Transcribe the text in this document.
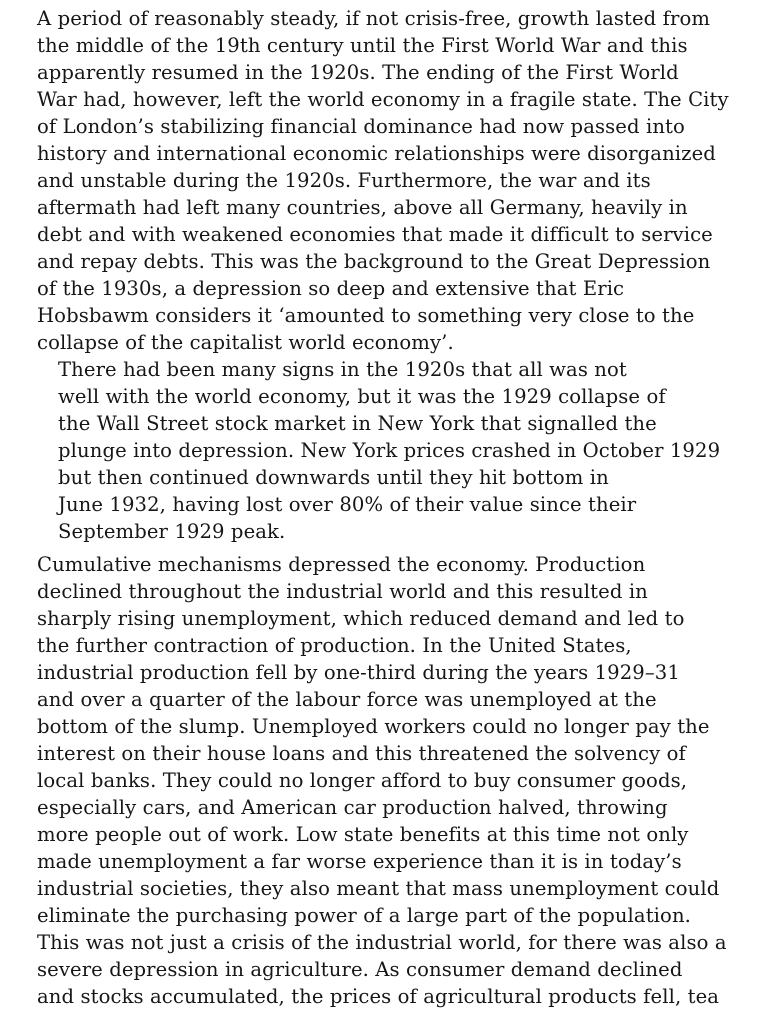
A period of reasonably steady, if not crisis-free, growth lasted from
the middle of the 19th century until the First World War and this
apparently resumed in the 1920s. The ending of the First World
War had, however, left the world economy in a fragile state. The City
of London’s stabilizing financial dominance had now passed into
history and international economic relationships were disorganized
and unstable during the 1920s. Furthermore, the war and its
aftermath had left many countries, above all Germany, heavily in
debt and with weakened economies that made it difficult to service
and repay debts. This was the background to the Great Depression
of the 1930s, a depression so deep and extensive that Eric
Hobsbawm considers it ‘amounted to something very close to the
collapse of the capitalist world economy’.
There had been many signs in the 1920s that all was not
well with the world economy, but it was the 1929 collapse of
the Wall Street stock market in New York that signalled the
plunge into depression. New York prices crashed in October 1929
but then continued downwards until they hit bottom in
June 1932, having lost over 80% of their value since their
September 1929 peak.
Cumulative mechanisms depressed the economy. Production
declined throughout the industrial world and this resulted in
sharply rising unemployment, which reduced demand and led to
the further contraction of production. In the United States,
industrial production fell by one-third during the years 1929–31
and over a quarter of the labour force was unemployed at the
bottom of the slump. Unemployed workers could no longer pay the
interest on their house loans and this threatened the solvency of
local banks. They could no longer afford to buy consumer goods,
especially cars, and American car production halved, throwing
more people out of work. Low state benefits at this time not only
made unemployment a far worse experience than it is in today’s
industrial societies, they also meant that mass unemployment could
eliminate the purchasing power of a large part of the population.
This was not just a crisis of the industrial world, for there was also a
severe depression in agriculture. As consumer demand declined
and stocks accumulated, the prices of agricultural products fell, tea
